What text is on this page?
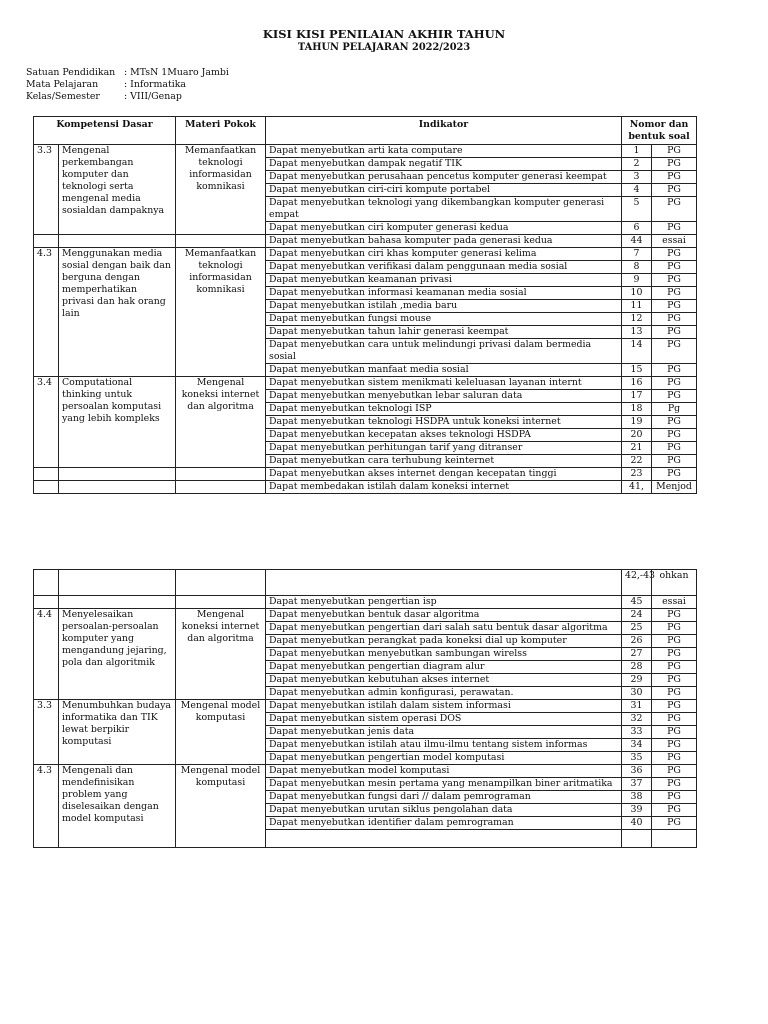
KISI KISI PENILAIAN AKHIR TAHUN
TAHUN PELAJARAN 2022/2023
Satuan Pendidikan : MTsN 1Muaro Jambi
Mata Pelajaran	: Informatika
Kelas/Semester	: VIII/Genap
Kompetensi Dasar		Materi Pokok	Indikator	Nomor dan bentuk soal	
3.3	Mengenal perkembangan komputer dan teknologi serta mengenal media sosialdan dampaknya	Memanfaatkan teknologi informasidan komnikasi	Dapat menyebutkan arti kata computare	1	PG
			Dapat menyebutkan dampak negatif TIK	2	PG
			Dapat menyebutkan perusahaan pencetus komputer generasi keempat	3	PG
			Dapat menyebutkan ciri-ciri kompute portabel	4	PG
			Dapat menyebutkan teknologi yang dikembangkan komputer generasi empat	5	PG
			Dapat menyebutkan ciri komputer generasi kedua	6	PG
			Dapat menyebutkan bahasa komputer pada generasi kedua	44	essai
4.3	Menggunakan media sosial dengan baik dan berguna dengan memperhatikan privasi dan hak orang lain	Memanfaatkan teknologi informasidan komnikasi	Dapat menyebutkan ciri khas komputer generasi kelima	7	PG
			Dapat menyebutkan verifikasi dalam penggunaan media sosial	8	PG
			Dapat menyebutkan keamanan privasi	9	PG
			Dapat menyebutkan informasi keamanan media sosial	10	PG
			Dapat menyebutkan istilah ,media baru	11	PG
			Dapat menyebutkan fungsi mouse	12	PG
			Dapat menyebutkan tahun lahir generasi keempat	13	PG
			Dapat menyebutkan cara untuk melindungi privasi dalam bermedia sosial	14	PG
			Dapat menyebutkan manfaat media sosial	15	PG
3.4	Computational thinking untuk persoalan komputasi yang lebih kompleks	Mengenal koneksi internet dan algoritma	Dapat menyebutkan sistem menikmati keleluasan layanan internt	16	PG
			Dapat menyebutkan menyebutkan lebar saluran data	17	PG
			Dapat menyebutkan teknologi ISP	18	Pg
			Dapat menyebutkan teknologi HSDPA untuk koneksi internet	19	PG
			Dapat menyebutkan kecepatan akses teknologi HSDPA	20	PG
			Dapat menyebutkan perhitungan tarif yang ditranser	21	PG
			Dapat menyebutkan cara terhubung keinternet	22	PG
			Dapat menyebutkan akses internet dengan kecepatan tinggi	23	PG
			Dapat membedakan istilah dalam koneksi internet	41,	Menjod
				42,-43	ohkan
			Dapat menyebutkan pengertian isp	45	essai
4.4	Menyelesaikan persoalan-persoalan komputer yang mengandung jejaring, pola dan algoritmik	Mengenal koneksi internet dan algoritma	Dapat menyebutkan bentuk dasar algoritma	24	PG
			Dapat menyebutkan pengertian dari salah satu bentuk dasar algoritma	25	PG
			Dapat menyebutkan perangkat pada koneksi dial up komputer	26	PG
			Dapat menyebutkan menyebutkan sambungan wirelss	27	PG
			Dapat menyebutkan pengertian diagram alur	28	PG
			Dapat menyebutkan kebutuhan akses internet	29	PG
			Dapat menyebutkan admin konfigurasi, perawatan.	30	PG
3.3	Menumbuhkan budaya informatika dan TIK lewat berpikir komputasi	Mengenal model komputasi	Dapat menyebutkan istilah dalam sistem informasi	31	PG
			Dapat menyebutkan sistem operasi DOS	32	PG
			Dapat menyebutkan jenis data	33	PG
			Dapat menyebutkan istilah atau ilmu-ilmu tentang sistem informas	34	PG
			Dapat menyebutkan pengertian model komputasi	35	PG
4.3	Mengenali dan mendefinisikan problem yang diselesaikan dengan model komputasi	Mengenal model komputasi	Dapat menyebutkan model komputasi	36	PG
			Dapat menyebutkan mesin pertama yang menampilkan biner aritmatika	37	PG
			Dapat menyebutkan fungsi dari // dalam pemrograman	38	PG
			Dapat menyebutkan urutan siklus pengolahan data	39	PG
			Dapat menyebutkan identifier dalam pemrograman	40	PG
